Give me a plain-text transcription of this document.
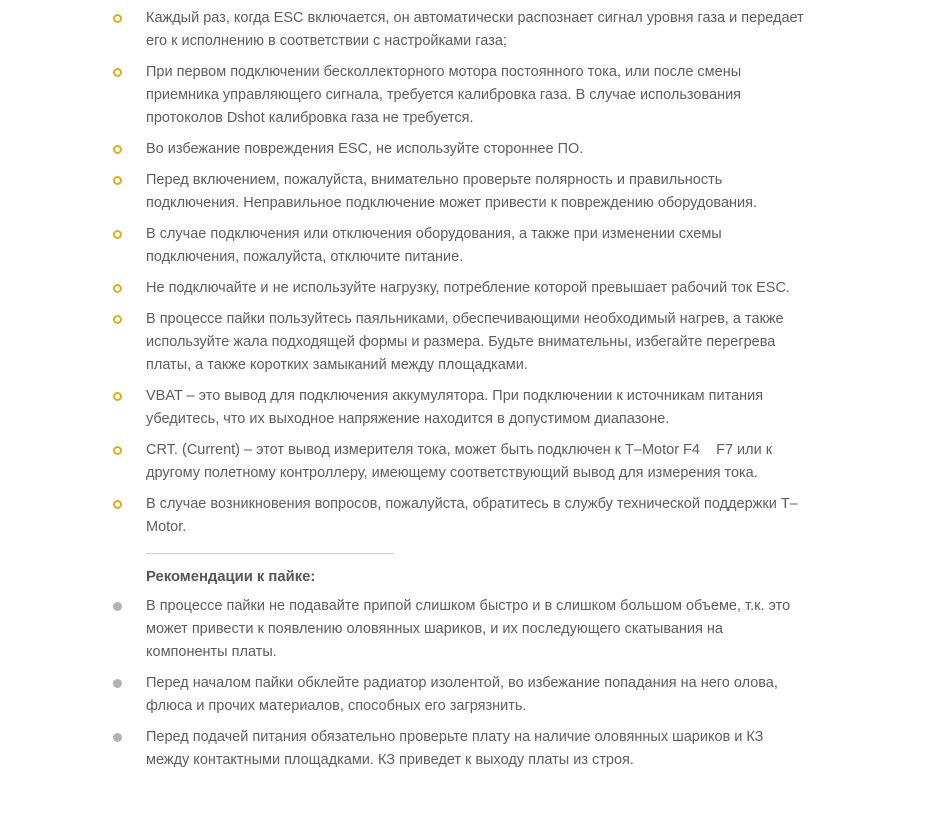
Каждый раз, когда ESC включается, он автоматически распознает сигнал уровня газа и передает его к исполнению в соответствии с настройками газа;

При первом подключении бесколлекторного мотора постоянного тока, или после смены приемника управляющего сигнала, требуется калибровка газа. В случае использования протоколов Dshot калибровка газа не требуется.

Во избежание повреждения ESC, не используйте стороннее ПО.

Перед включением, пожалуйста, внимательно проверьте полярность и правильность подключения. Неправильное подключение может привести к повреждению оборудования.

В случае подключения или отключения оборудования, а также при изменении схемы подключения, пожалуйста, отключите питание.

Не подключайте и не используйте нагрузку, потребление которой превышает рабочий ток ESC.

В процессе пайки пользуйтесь паяльниками, обеспечивающими необходимый нагрев, а также используйте жала подходящей формы и размера. Будьте внимательны, избегайте перегрева платы, а также коротких замыканий между площадками.

VBAT – это вывод для подключения аккумулятора. При подключении к источникам питания убедитесь, что их выходное напряжение находится в допустимом диапазоне.

CRT. (Current) – этот вывод измерителя тока, может быть подключен к T–Motor F4    F7 или к другому полетному контроллеру, имеющему соответствующий вывод для измерения тока.

В случае возникновения вопросов, пожалуйста, обратитесь в службу технической поддержки T–Motor.

Рекомендации к пайке:

В процессе пайки не подавайте припой слишком быстро и в слишком большом объеме, т.к. это может привести к появлению оловянных шариков, и их последующего скатывания на компоненты платы.

Перед началом пайки обклейте радиатор изолентой, во избежание попадания на него олова, флюса и прочих материалов, способных его загрязнить.

Перед подачей питания обязательно проверьте плату на наличие оловянных шариков и КЗ между контактными площадками. КЗ приведет к выходу платы из строя.
